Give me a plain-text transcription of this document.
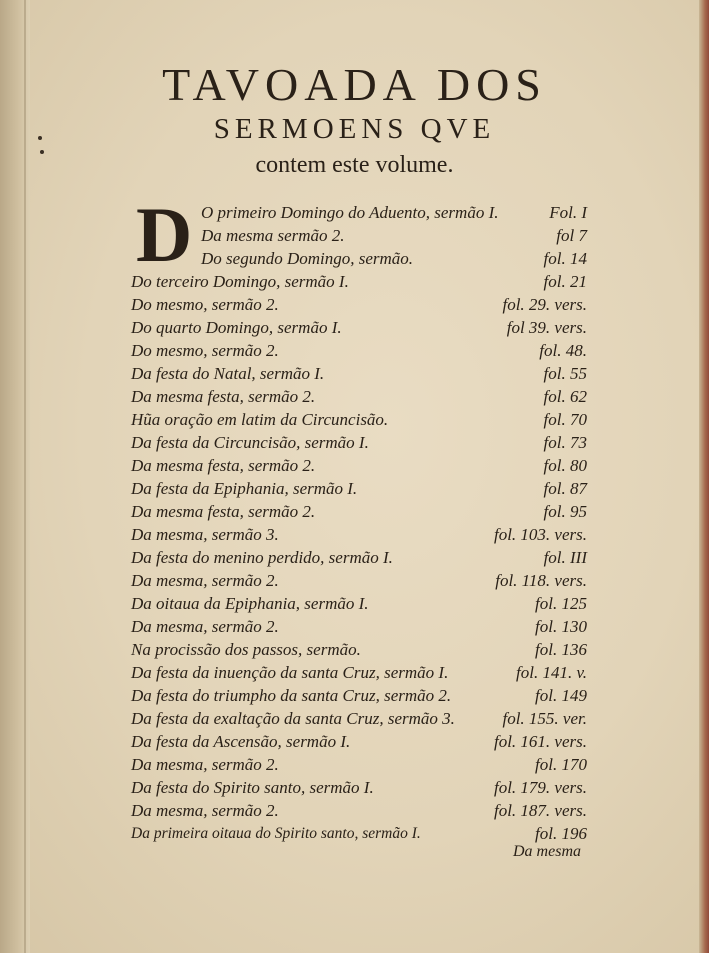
TAVOADA DOS
SERMOENS QVE
contem este volume.
D O primeiro Domingo do Aduento, sermão I.	Fol. I
Da mesma sermão 2.	fol 7
Do segundo Domingo, sermão.	fol. 14
Do terceiro Domingo, sermão I.	fol. 21
Do mesmo, sermão 2.	fol. 29. vers.
Do quarto Domingo, sermão I.	fol 39. vers.
Do mesmo, sermão 2.	fol. 48.
Da festa do Natal, sermão I.	fol. 55
Da mesma festa, sermão 2.	fol. 62
Hũa oração em latim da Circuncisão.	fol. 70
Da festa da Circuncisão, sermão I.	fol. 73
Da mesma festa, sermão 2.	fol. 80
Da festa da Epiphania, sermão I.	fol. 87
Da mesma festa, sermão 2.	fol. 95
Da mesma, sermão 3.	fol. 103. vers.
Da festa do menino perdido, sermão I.	fol. III
Da mesma, sermão 2.	fol. 118. vers.
Da oitaua da Epiphania, sermão I.	fol. 125
Da mesma, sermão 2.	fol. 130
Na procissão dos passos, sermão.	fol. 136
Da festa da inuenção da santa Cruz, sermão I.	fol. 141. v.
Da festa do triumpho da santa Cruz, sermão 2.	fol. 149
Da festa da exaltação da santa Cruz, sermão 3.	fol. 155. ver.
Da festa da Ascensão, sermão I.	fol. 161. vers.
Da mesma, sermão 2.	fol. 170
Da festa do Spirito santo, sermão I.	fol. 179. vers.
Da mesma, sermão 2.	fol. 187. vers.
Da primeira oitaua do Spirito santo, sermão I.	fol. 196
Da mesma
